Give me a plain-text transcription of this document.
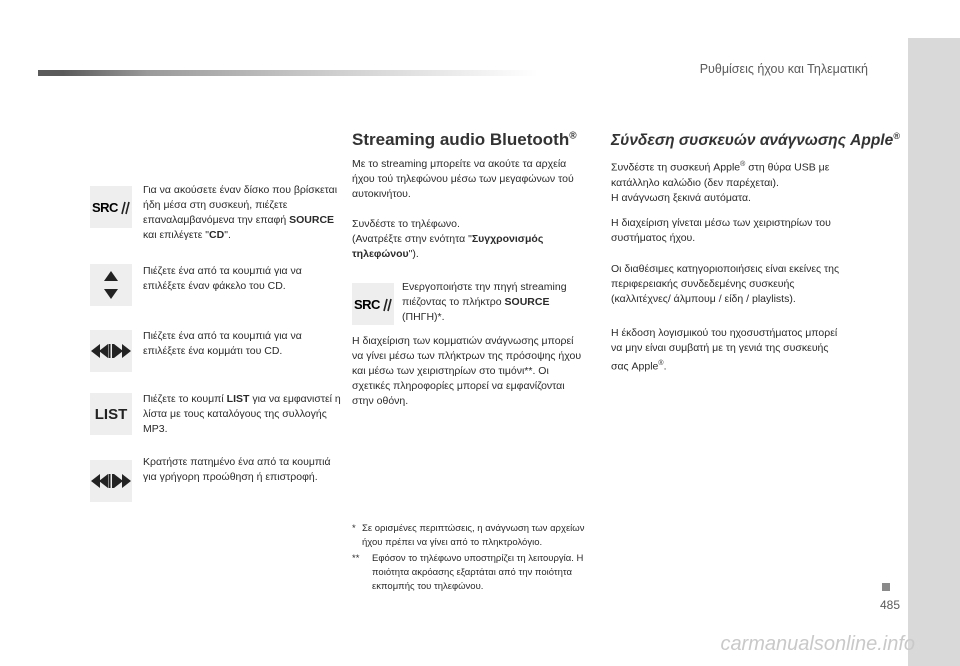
Ρυθμίσεις ήχου και Τηλεματική
SRC
Για να ακούσετε έναν δίσκο που βρίσκεται ήδη μέσα στη συσκευή, πιέζετε επαναλαμβανόμενα την επαφή SOURCE και επιλέγετε "CD".
Πιέζετε ένα από τα κουμπιά για να επιλέξετε έναν φάκελο του CD.
Πιέζετε ένα από τα κουμπιά για να επιλέξετε ένα κομμάτι του CD.
LIST
Πιέζετε το κουμπί LIST για να εμφανιστεί η λίστα με τους καταλόγους της συλλογής MP3.
Κρατήστε πατημένο ένα από τα κουμπιά για γρήγορη προώθηση ή επιστροφή.
Streaming audio Bluetooth®
Με το streaming μπορείτε να ακούτε τα αρχεία ήχου τού τηλεφώνου μέσω των μεγαφώνων τού αυτοκινήτου.
Συνδέστε το τηλέφωνο.
(Ανατρέξτε στην ενότητα "Συγχρονισμός τηλεφώνου").
SRC
Ενεργοποιήστε την πηγή streaming πιέζοντας το πλήκτρο SOURCE (ΠΗΓΗ)*.
Η διαχείριση των κομματιών ανάγνωσης μπορεί να γίνει μέσω των πλήκτρων της πρόσοψης ήχου και μέσω των χειριστηρίων στο τιμόνι**. Οι σχετικές πληροφορίες μπορεί να εμφανίζονται στην οθόνη.
* Σε ορισμένες περιπτώσεις, η ανάγνωση των αρχείων ήχου πρέπει να γίνει από το πληκτρολόγιο.
**	Εφόσον το τηλέφωνο υποστηρίζει τη λειτουργία. Η ποιότητα ακρόασης εξαρτάται από την ποιότητα εκπομπής του τηλεφώνου.
Σύνδεση συσκευών ανάγνωσης Apple®
Συνδέστε τη συσκευή Apple® στη θύρα USB με κατάλληλο καλώδιο (δεν παρέχεται).
Η ανάγνωση ξεκινά αυτόματα.
Η διαχείριση γίνεται μέσω των χειριστηρίων του συστήματος ήχου.
Οι διαθέσιμες κατηγοριοποιήσεις είναι εκείνες της περιφερειακής συνδεδεμένης συσκευής (καλλιτέχνες/ άλμπουμ / είδη / playlists).
Η έκδοση λογισμικού του ηχοσυστήματος μπορεί να μην είναι συμβατή με τη γενιά της συσκευής σας Apple®.
485
carmanualsonline.info
